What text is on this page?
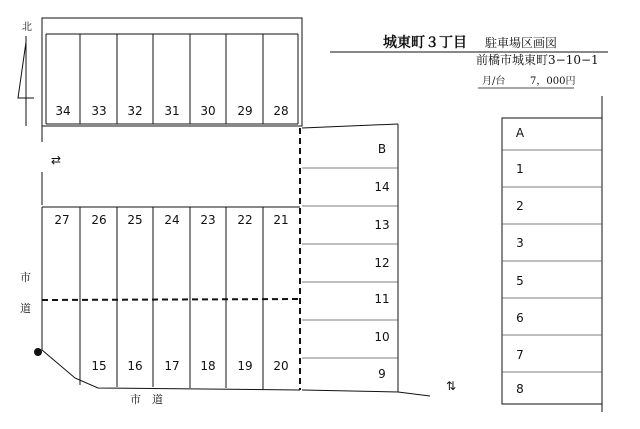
城東町３丁目 駐車場区画図
前橋市城東町3−10−1
月/台 7，000円
北
34 33 32 31 30 29 28
27 26 25 24 23 22 21
15 16 17 18 19 20
B
14
13
12
11
10
9
A
1
2
3
5
6
7
8
市
道
市　道
⇄
⇅
